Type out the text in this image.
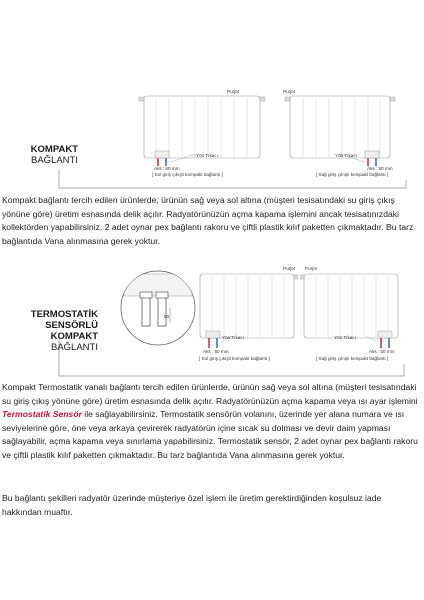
KOMPAKT
BAĞLANTI
Purjör
Yön Tıkacı
Aks : 50 mm
[ Sol giriş çıkışlı kompakt bağlantı ]
Purjör
Yön Tıkacı
Aks : 50 mm
[ Sağ giriş çıkışlı kompakt bağlantı ]

Kompakt bağlantı tercih edilen ürünlerde, ürünün sağ veya sol altına (müşteri tesisatındaki su giriş çıkış yönüne göre) üretim esnasında delik açılır. Radyatörünüzün açma kapama işlemini ancak tesisatınızdaki kollektörden yapabilirsiniz. 2 adet oynar pex bağlantı rakoru ve çiftli plastik kılıf paketten çıkmaktadır. Bu tarz bağlantıda Vana alınmasına gerek yoktur.

TERMOSTATİK
SENSÖRLÜ KOMPAKT
BAĞLANTI
50
Purjör
Yön Tıkacı
Aks : 50 mm
[ Sol giriş çıkışlı kompakt bağlantı ]
Purjör
Yön Tıkacı
Aks : 50 mm
[ Sağ giriş çıkışlı kompakt bağlantı ]

Kompakt Termostatik vanalı bağlantı tercih edilen ürünlerde, ürünün sağ veya sol altına (müşteri tesisatındaki su giriş çıkış yönüne göre) üretim esnasında delik açılır. Radyatörünüzün açma kapama veya ısı ayar işlemini Termostatik Sensör ile sağlayabilirsiniz. Termostatik sensörün volanını, üzerinde yer alana numara ve ısı seviyelerine göre, öne veya arkaya çevirerek radyatörün içine sıcak su dolması ve devir daim yapması sağlayabilir, açma kapama veya sınırlama yapabilirsiniz. Termostatik sensör, 2 adet oynar pex bağlantı rakoru ve çiftli plastik kılıf paketten çıkmaktadır. Bu tarz bağlantıda Vana alınmasına gerek yoktur.

Bu bağlantı şekilleri radyatör üzerinde müşteriye özel işlem ile üretim gerektirdiğinden koşulsuz iade hakkından muaftır.
